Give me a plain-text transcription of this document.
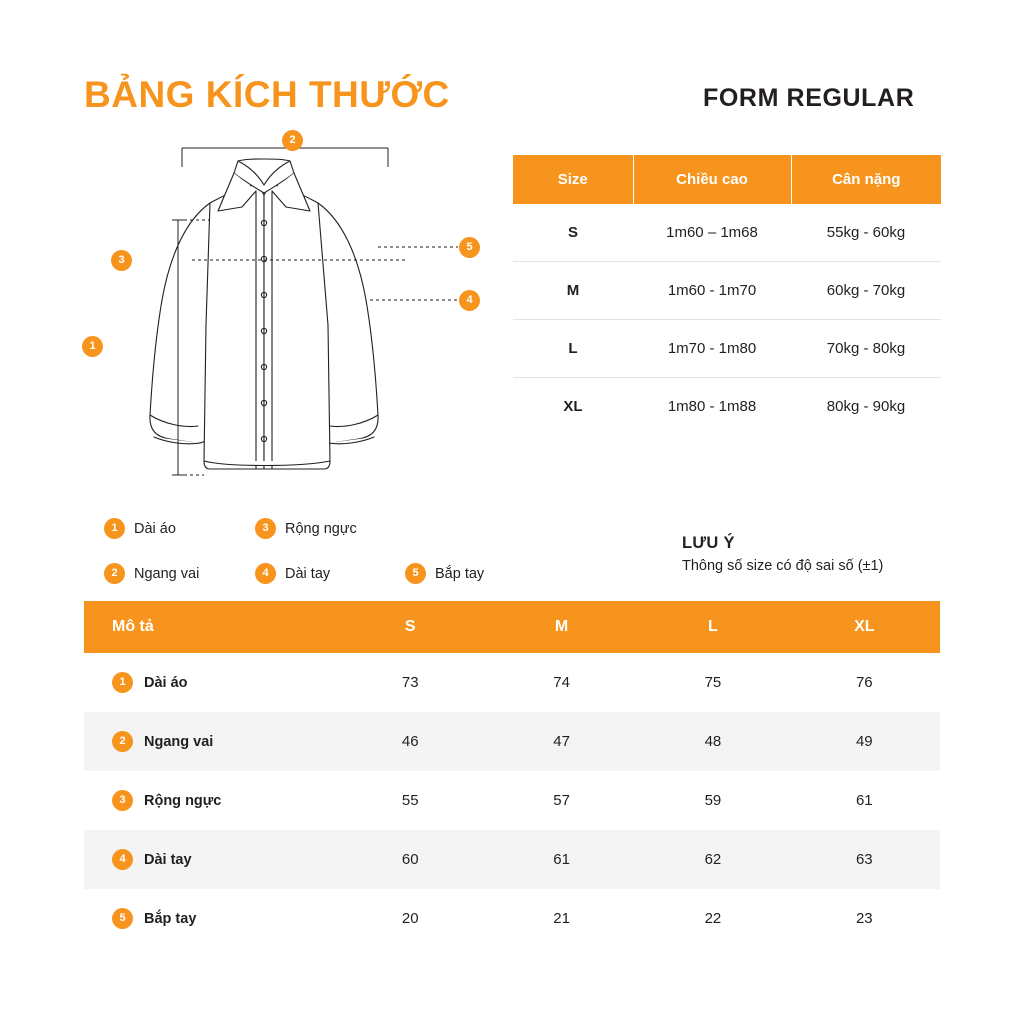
BẢNG KÍCH THƯỚC	FORM REGULAR
2
3
1
5
4
1	Dài áo	3	Rộng ngực
2	Ngang vai	4	Dài tay	5	Bắp tay
Size	Chiều cao	Cân nặng
S	1m60 – 1m68	55kg - 60kg
M	1m60 - 1m70	60kg - 70kg
L	1m70 - 1m80	70kg - 80kg
XL	1m80 - 1m88	80kg - 90kg
LƯU Ý
Thông số size có độ sai số (±1)
Mô tả	S	M	L	XL

1 Dài áo	73	74	75	76

2 Ngang vai	46	47	48	49

3 Rộng ngực	55	57	59	61

4 Dài tay	60	61	62	63

5 Bắp tay	20	21	22	23
